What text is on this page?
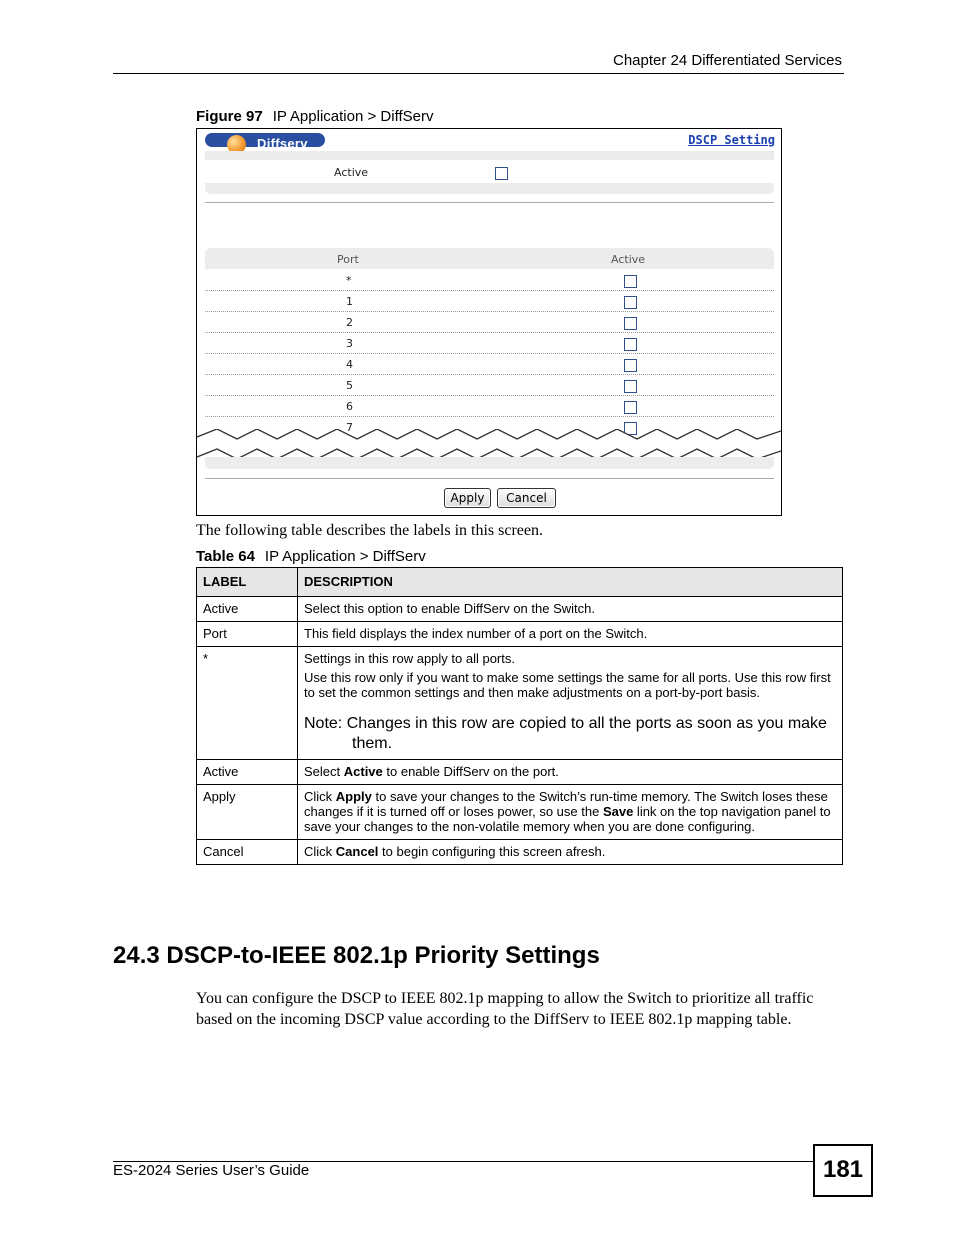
Chapter 24 Differentiated Services
Figure 97 IP Application > DiffServ
Diffserv	DSCP Setting
Active
Port	Active
*
1
2
3
4
5
6
7
Apply	Cancel
The following table describes the labels in this screen.
Table 64 IP Application > DiffServ
LABEL	DESCRIPTION
Active	Select this option to enable DiffServ on the Switch.
Port	This field displays the index number of a port on the Switch.
*	Settings in this row apply to all ports.
Use this row only if you want to make some settings the same for all ports. Use this row first to set the common settings and then make adjustments on a port-by-port basis.
Note: Changes in this row are copied to all the ports as soon as you make them.

Active	Select Active to enable DiffServ on the port.
Apply	Click Apply to save your changes to the Switch’s run-time memory. The Switch loses these changes if it is turned off or loses power, so use the Save link on the top navigation panel to save your changes to the non-volatile memory when you are done configuring.
Cancel	Click Cancel to begin configuring this screen afresh.
24.3 DSCP-to-IEEE 802.1p Priority Settings
You can configure the DSCP to IEEE 802.1p mapping to allow the Switch to prioritize all traffic based on the incoming DSCP value according to the DiffServ to IEEE 802.1p mapping table.
ES-2024 Series User’s Guide	181
